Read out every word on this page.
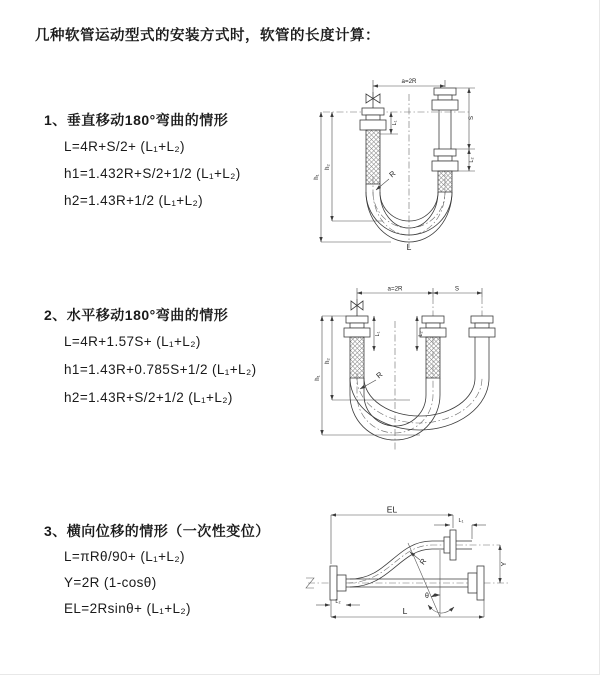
几种软管运动型式的安装方式时，软管的长度计算：
1、垂直移动180°弯曲的情形
L=4R+S/2+ (L₁+L₂)
h1=1.432R+S/2+1/2 (L₁+L₂)
h2=1.43R+1/2 (L₁+L₂)
2、水平移动180°弯曲的情形
L=4R+1.57S+ (L₁+L₂)
h1=1.43R+0.785S+1/2 (L₁+L₂)
h2=1.43R+S/2+1/2 (L₁+L₂)
3、横向位移的情形（一次性变位）
L=πRθ/90+ (L₁+L₂)
Y=2R (1-cosθ)
EL=2Rsinθ+ (L₁+L₂)
a=2R
h₁
h₂
L₁
S
L₂
R
L
a=2R	S
h₁
h₂
L₁	L₂
R
θ
EL
L₁
Y
R
L₂
L
